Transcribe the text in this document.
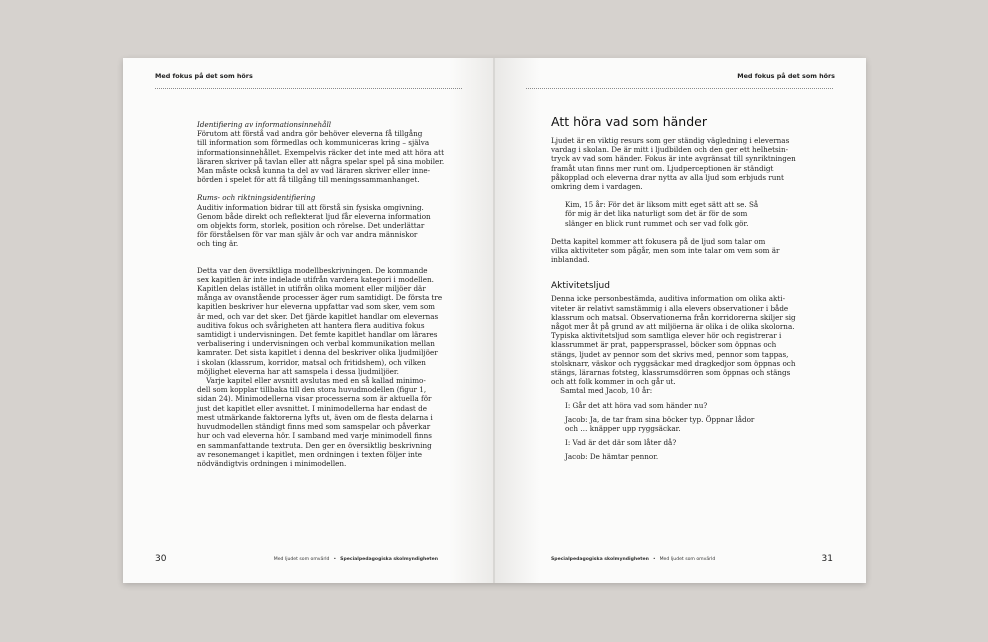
Med fokus på det som hörs
Identifiering av informationsinnehåll
Förutom att förstå vad andra gör behöver eleverna få tillgång
till information som förmedlas och kommuniceras kring – själva
informationsinnehållet. Exempelvis räcker det inte med att höra att
läraren skriver på tavlan eller att några spelar spel på sina mobiler.
Man måste också kunna ta del av vad läraren skriver eller inne-
börden i spelet för att få tillgång till meningssammanhanget.
Rums- och riktningsidentifiering
Auditiv information bidrar till att förstå sin fysiska omgivning.
Genom både direkt och reflekterat ljud får eleverna information
om objekts form, storlek, position och rörelse. Det underlättar
för förståelsen för var man själv är och var andra människor
och ting är.
Detta var den översiktliga modellbeskrivningen. De kommande
sex kapitlen är inte indelade utifrån vardera kategori i modellen.
Kapitlen delas istället in utifrån olika moment eller miljöer där
många av ovanstående processer äger rum samtidigt. De första tre
kapitlen beskriver hur eleverna uppfattar vad som sker, vem som
är med, och var det sker. Det fjärde kapitlet handlar om elevernas
auditiva fokus och svårigheten att hantera flera auditiva fokus
samtidigt i undervisningen. Det femte kapitlet handlar om lärares
verbalisering i undervisningen och verbal kommunikation mellan
kamrater. Det sista kapitlet i denna del beskriver olika ljudmiljöer
i skolan (klassrum, korridor, matsal och fritidshem), och vilken
möjlighet eleverna har att samspela i dessa ljudmiljöer.
Varje kapitel eller avsnitt avslutas med en så kallad minimo-
dell som kopplar tillbaka till den stora huvudmodellen (figur 1,
sidan 24). Minimodellerna visar processerna som är aktuella för
just det kapitlet eller avsnittet. I minimodellerna har endast de
mest utmärkande faktorerna lyfts ut, även om de flesta delarna i
huvudmodellen ständigt finns med som samspelar och påverkar
hur och vad eleverna hör. I samband med varje minimodell finns
en sammanfattande textruta. Den ger en översiktlig beskrivning
av resonemanget i kapitlet, men ordningen i texten följer inte
nödvändigtvis ordningen i minimodellen.
30	Med ljudet som omvärld • Specialpedagogiska skolmyndigheten
Med fokus på det som hörs
Att höra vad som händer
Ljudet är en viktig resurs som ger ständig vägledning i elevernas
vardag i skolan. De är mitt i ljudbilden och den ger ett helhetsin-
tryck av vad som händer. Fokus är inte avgränsat till synriktningen
framåt utan finns mer runt om. Ljudperceptionen är ständigt
påkopplad och eleverna drar nytta av alla ljud som erbjuds runt
omkring dem i vardagen.
Kim, 15 år: För det är liksom mitt eget sätt att se. Så
för mig är det lika naturligt som det är för de som
slänger en blick runt rummet och ser vad folk gör.
Detta kapitel kommer att fokusera på de ljud som talar om
vilka aktiviteter som pågår, men som inte talar om vem som är
inblandad.
Aktivitetsljud
Denna icke personbestämda, auditiva information om olika akti-
viteter är relativt samstämmig i alla elevers observationer i både
klassrum och matsal. Observationerna från korridorerna skiljer sig
något mer åt på grund av att miljöerna är olika i de olika skolorna.
Typiska aktivitetsljud som samtliga elever hör och registrerar i
klassrummet är prat, pappersprassel, böcker som öppnas och
stängs, ljudet av pennor som det skrivs med, pennor som tappas,
stolsknarr, väskor och ryggsäckar med dragkedjor som öppnas och
stängs, lärarnas fotsteg, klassrumsdörren som öppnas och stängs
och att folk kommer in och går ut.
Samtal med Jacob, 10 år:
I: Går det att höra vad som händer nu?
Jacob: Ja, de tar fram sina böcker typ. Öppnar lådor
och … knäpper upp ryggsäckar.
I: Vad är det där som låter då?
Jacob: De hämtar pennor.
31
Specialpedagogiska skolmyndigheten • Med ljudet som omvärld
